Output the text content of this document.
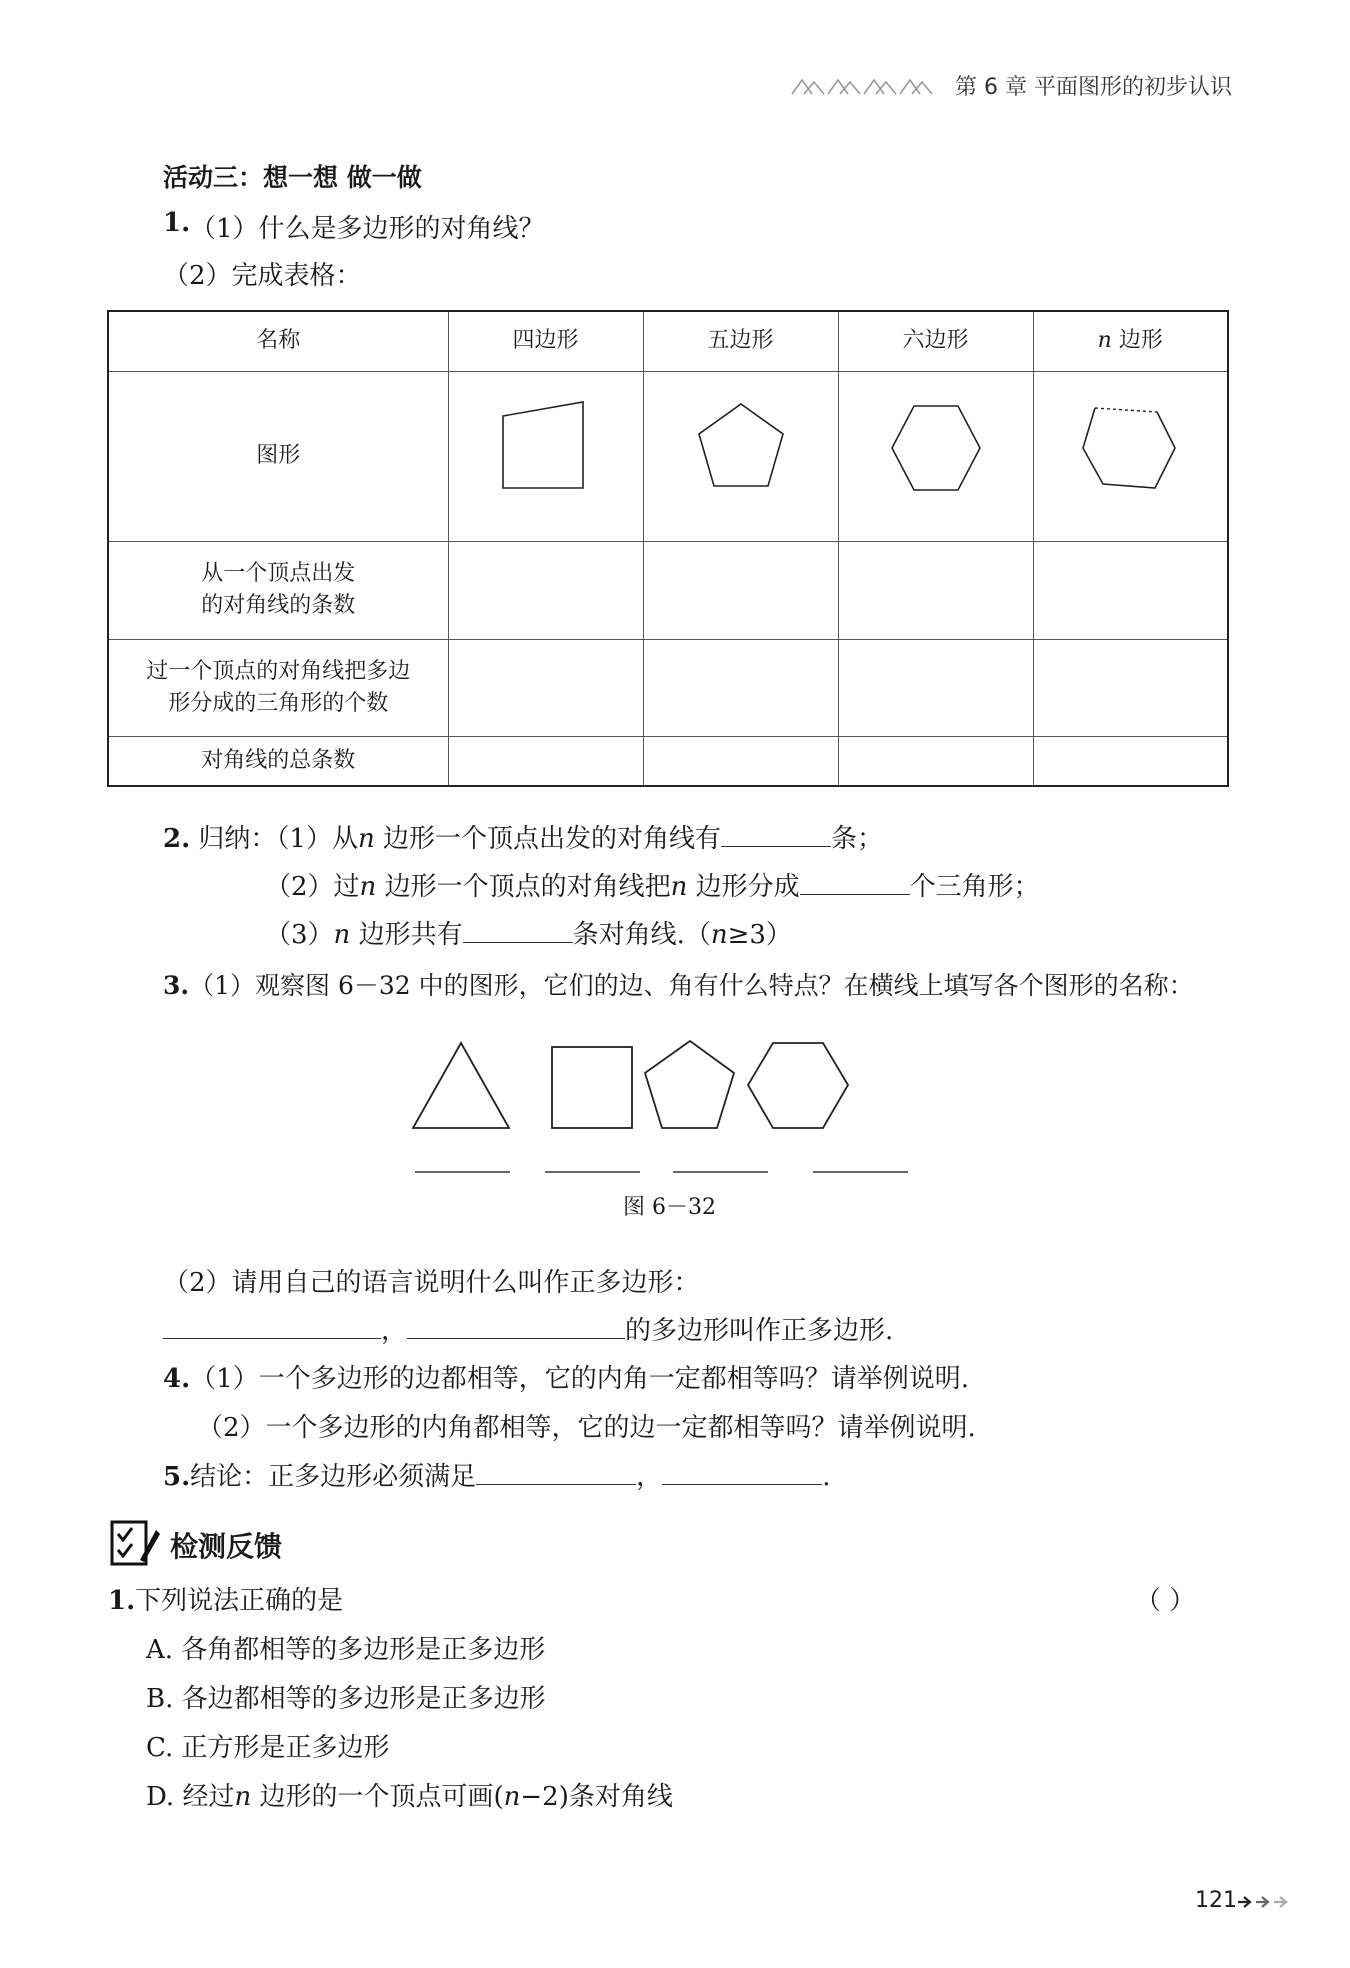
第 6 章 平面图形的初步认识
活动三：想一想 做一做
1. （1）什么是多边形的对角线？
（2）完成表格：
名称	四边形	五边形	六边形	n 边形
图形				

从一个顶点出发
的对角线的条数				

过一个顶点的对角线把多边
形分成的三角形的个数				

对角线的总条数				
2. 归纳：（1）从n 边形一个顶点出发的对角线有	条；
（2）过n 边形一个顶点的对角线把n 边形分成	个三角形；
（3）n 边形共有	条对角线.（n≥3）
3.（1）观察图 6－32 中的图形，它们的边、角有什么特点？在横线上填写各个图形的名称：
图 6－32
（2）请用自己的语言说明什么叫作正多边形：
，	的多边形叫作正多边形.
4.（1）一个多边形的边都相等，它的内角一定都相等吗？请举例说明.
（2）一个多边形的内角都相等，它的边一定都相等吗？请举例说明.
5.结论：正多边形必须满足	，	.
检测反馈
1.下列说法正确的是	（ ）
A. 各角都相等的多边形是正多边形
B. 各边都相等的多边形是正多边形
C. 正方形是正多边形
D. 经过n 边形的一个顶点可画(n−2)条对角线
121
